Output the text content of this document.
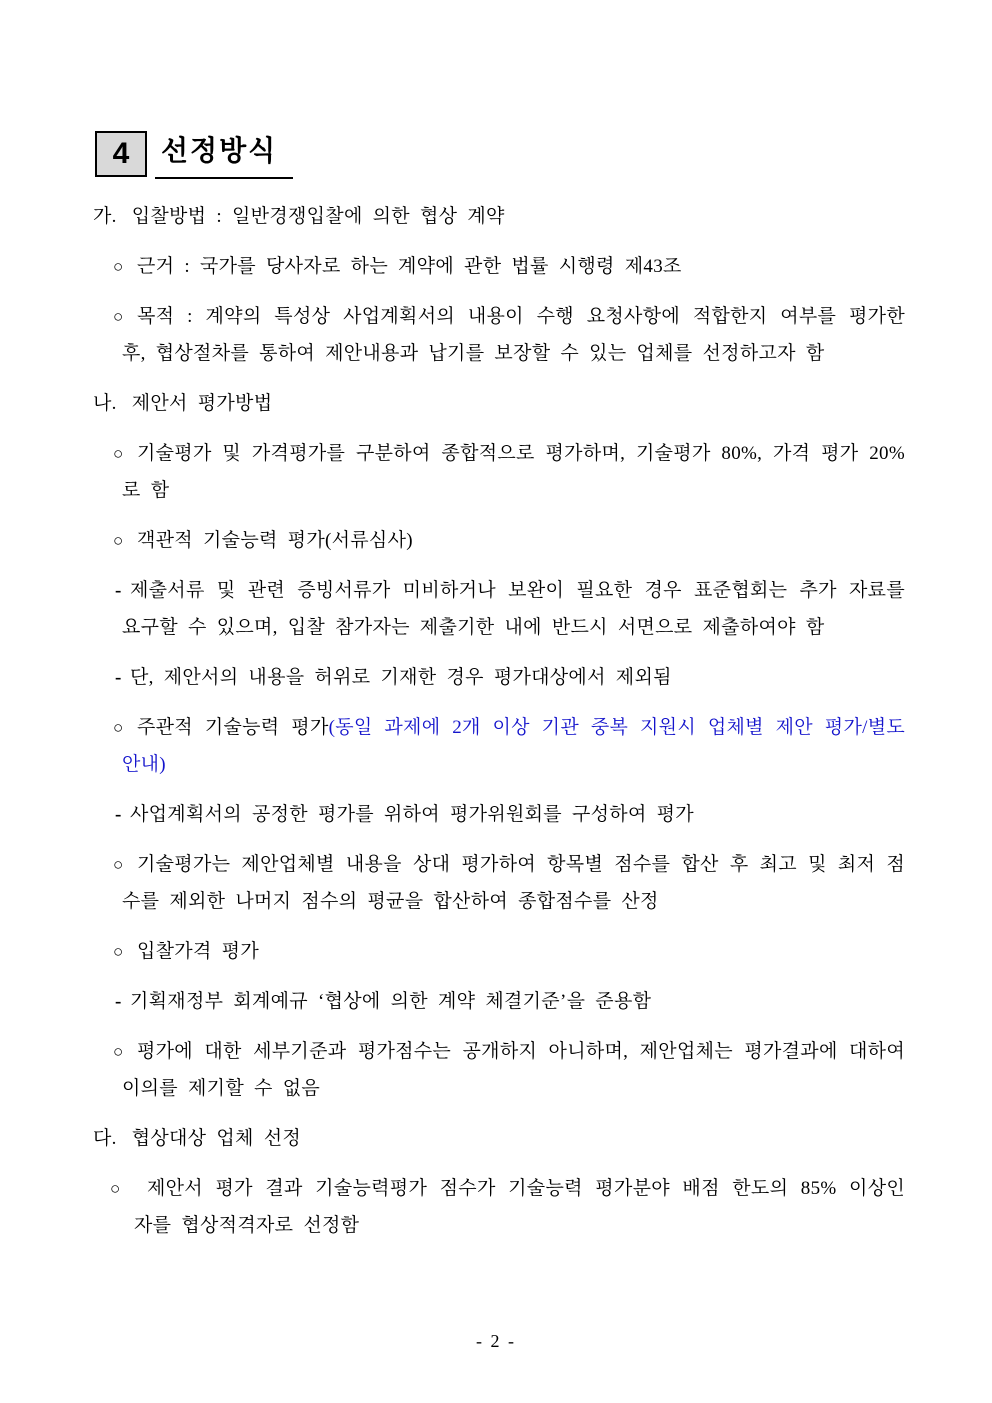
4	선정방식
가. 입찰방법 : 일반경쟁입찰에 의한 협상 계약
○ 근거 : 국가를 당사자로 하는 계약에 관한 법률 시행령 제43조
○ 목적 : 계약의 특성상 사업계획서의 내용이 수행 요청사항에 적합한지 여부를 평가한 후, 협상절차를 통하여 제안내용과 납기를 보장할 수 있는 업체를 선정하고자 함
나. 제안서 평가방법
○ 기술평가 및 가격평가를 구분하여 종합적으로 평가하며, 기술평가 80%, 가격 평가 20%로 함
○ 객관적 기술능력 평가(서류심사)
- 제출서류 및 관련 증빙서류가 미비하거나 보완이 필요한 경우 표준협회는 추가 자료를 요구할 수 있으며, 입찰 참가자는 제출기한 내에 반드시 서면으로 제출하여야 함
- 단, 제안서의 내용을 허위로 기재한 경우 평가대상에서 제외됨
○ 주관적 기술능력 평가(동일 과제에 2개 이상 기관 중복 지원시 업체별 제안 평가/별도 안내)
- 사업계획서의 공정한 평가를 위하여 평가위원회를 구성하여 평가
○ 기술평가는 제안업체별 내용을 상대 평가하여 항목별 점수를 합산 후 최고 및 최저 점수를 제외한 나머지 점수의 평균을 합산하여 종합점수를 산정
○ 입찰가격 평가
- 기획재정부 회계예규 ‘협상에 의한 계약 체결기준’을 준용함
○ 평가에 대한 세부기준과 평가점수는 공개하지 아니하며, 제안업체는 평가결과에 대하여 이의를 제기할 수 없음
다. 협상대상 업체 선정
○ 제안서 평가 결과 기술능력평가 점수가 기술능력 평가분야 배점 한도의 85% 이상인 자를 협상적격자로 선정함
- 2 -
